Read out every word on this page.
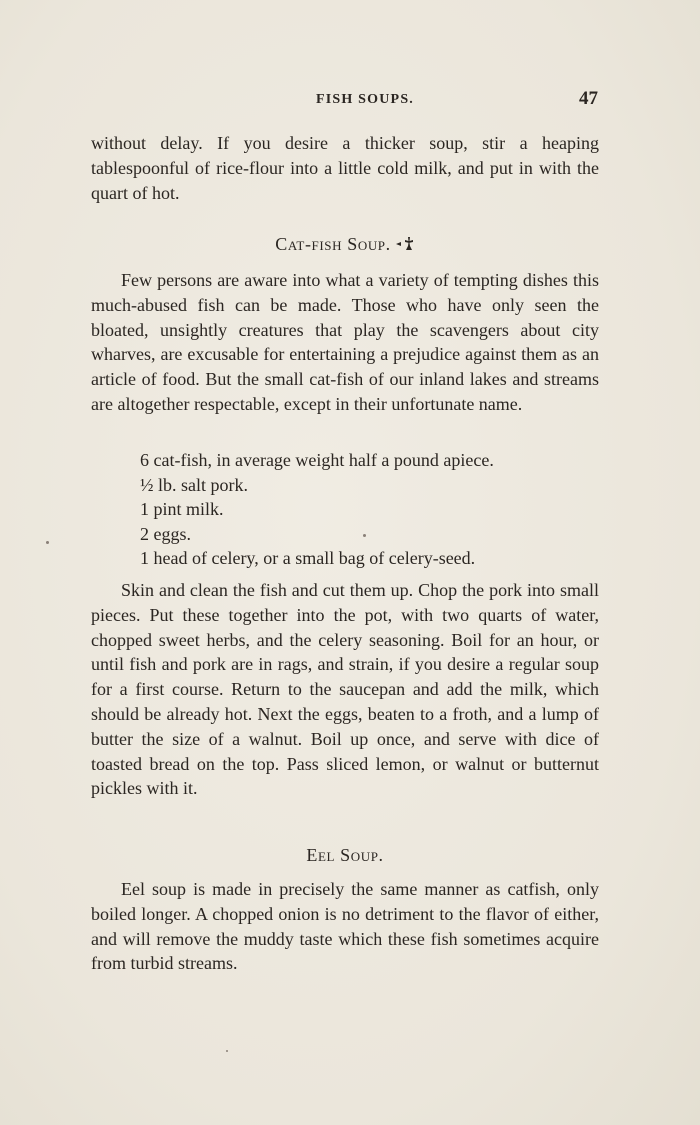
FISH SOUPS.	47

without delay. If you desire a thicker soup, stir a heaping tablespoonful of rice-flour into a little cold milk, and put in with the quart of hot.

Cat-fish Soup.

Few persons are aware into what a variety of tempting dishes this much-abused fish can be made. Those who have only seen the bloated, unsightly creatures that play the scavengers about city wharves, are excusable for entertaining a prejudice against them as an article of food. But the small cat-fish of our inland lakes and streams are altogether respectable, except in their unfortunate name.

6 cat-fish, in average weight half a pound apiece.
½ lb. salt pork.
1 pint milk.
2 eggs.
1 head of celery, or a small bag of celery-seed.

Skin and clean the fish and cut them up. Chop the pork into small pieces. Put these together into the pot, with two quarts of water, chopped sweet herbs, and the celery seasoning. Boil for an hour, or until fish and pork are in rags, and strain, if you desire a regular soup for a first course. Return to the saucepan and add the milk, which should be already hot. Next the eggs, beaten to a froth, and a lump of butter the size of a walnut. Boil up once, and serve with dice of toasted bread on the top. Pass sliced lemon, or walnut or butternut pickles with it.

Eel Soup.

Eel soup is made in precisely the same manner as catfish, only boiled longer. A chopped onion is no detriment to the flavor of either, and will remove the muddy taste which these fish sometimes acquire from turbid streams.
